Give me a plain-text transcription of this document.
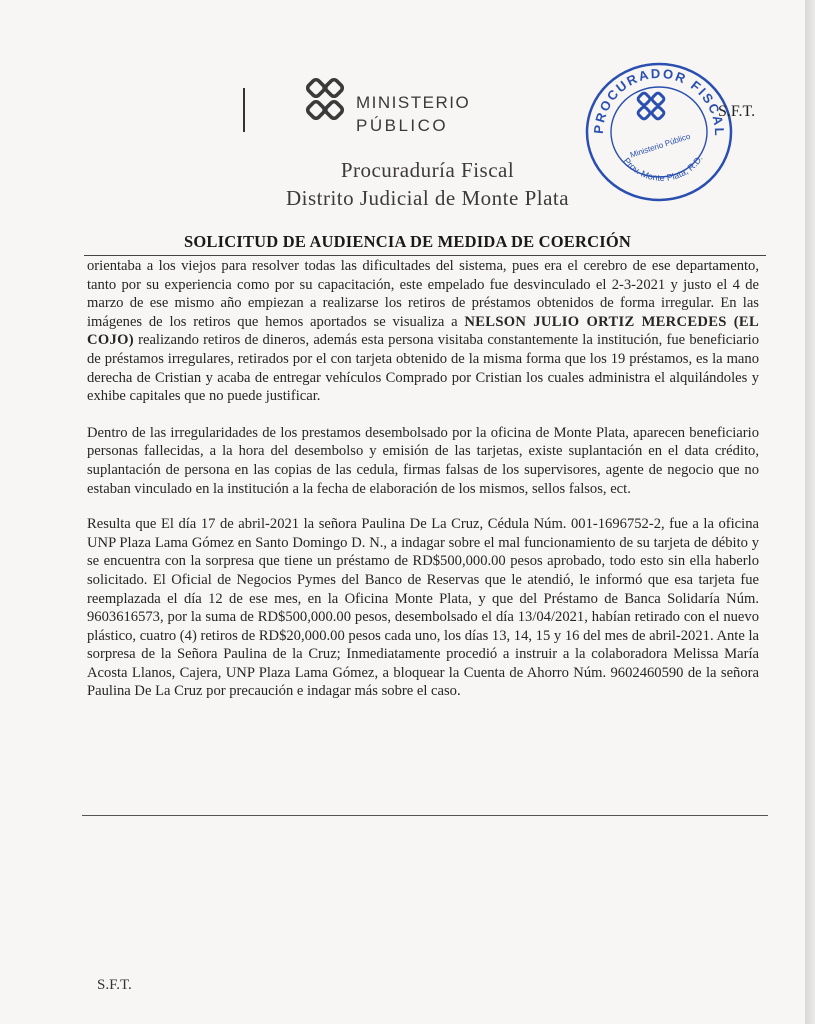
MINISTERIO
PÚBLICO
Procuraduría Fiscal
Distrito Judicial de Monte Plata
PROCURADOR FISCAL
Ministerio Público
Prov. Monte Plata, R.D.
S.F.T.
SOLICITUD DE AUDIENCIA DE MEDIDA DE COERCIÓN

orientaba a los viejos para resolver todas las dificultades del sistema, pues era el cerebro de ese departamento, tanto por su experiencia como por su capacitación, este empelado fue desvinculado el 2-3-2021 y justo el 4 de marzo de ese mismo año empiezan a realizarse los retiros de préstamos obtenidos de forma irregular. En las imágenes de los retiros que hemos aportados se visualiza a NELSON JULIO ORTIZ MERCEDES (EL COJO) realizando retiros de dineros, además esta persona visitaba constantemente la institución, fue beneficiario de préstamos irregulares, retirados por el con tarjeta obtenido de la misma forma que los 19 préstamos, es la mano derecha de Cristian y acaba de entregar vehículos Comprado por Cristian los cuales administra el alquilándoles y exhibe capitales que no puede justificar.

Dentro de las irregularidades de los prestamos desembolsado por la oficina de Monte Plata, aparecen beneficiario personas fallecidas, a la hora del desembolso y emisión de las tarjetas, existe suplantación en el data crédito, suplantación de persona en las copias de las cedula, firmas falsas de los supervisores, agente de negocio que no estaban vinculado en la institución a la fecha de elaboración de los mismos, sellos falsos, ect.

Resulta que El día 17 de abril-2021 la señora Paulina De La Cruz, Cédula Núm. 001-1696752-2, fue a la oficina UNP Plaza Lama Gómez en Santo Domingo D. N., a indagar sobre el mal funcionamiento de su tarjeta de débito y se encuentra con la sorpresa que tiene un préstamo de RD$500,000.00 pesos aprobado, todo esto sin ella haberlo solicitado. El Oficial de Negocios Pymes del Banco de Reservas que le atendió, le informó que esa tarjeta fue reemplazada el día 12 de ese mes, en la Oficina Monte Plata, y que del Préstamo de Banca Solidaría Núm. 9603616573, por la suma de RD$500,000.00 pesos, desembolsado el día 13/04/2021, habían retirado con el nuevo plástico, cuatro (4) retiros de RD$20,000.00 pesos cada uno, los días 13, 14, 15 y 16 del mes de abril-2021. Ante la sorpresa de la Señora Paulina de la Cruz; Inmediatamente procedió a instruir a la colaboradora Melissa María Acosta Llanos, Cajera, UNP Plaza Lama Gómez, a bloquear la Cuenta de Ahorro Núm. 9602460590 de la señora Paulina De La Cruz por precaución e indagar más sobre el caso.

S.F.T.
